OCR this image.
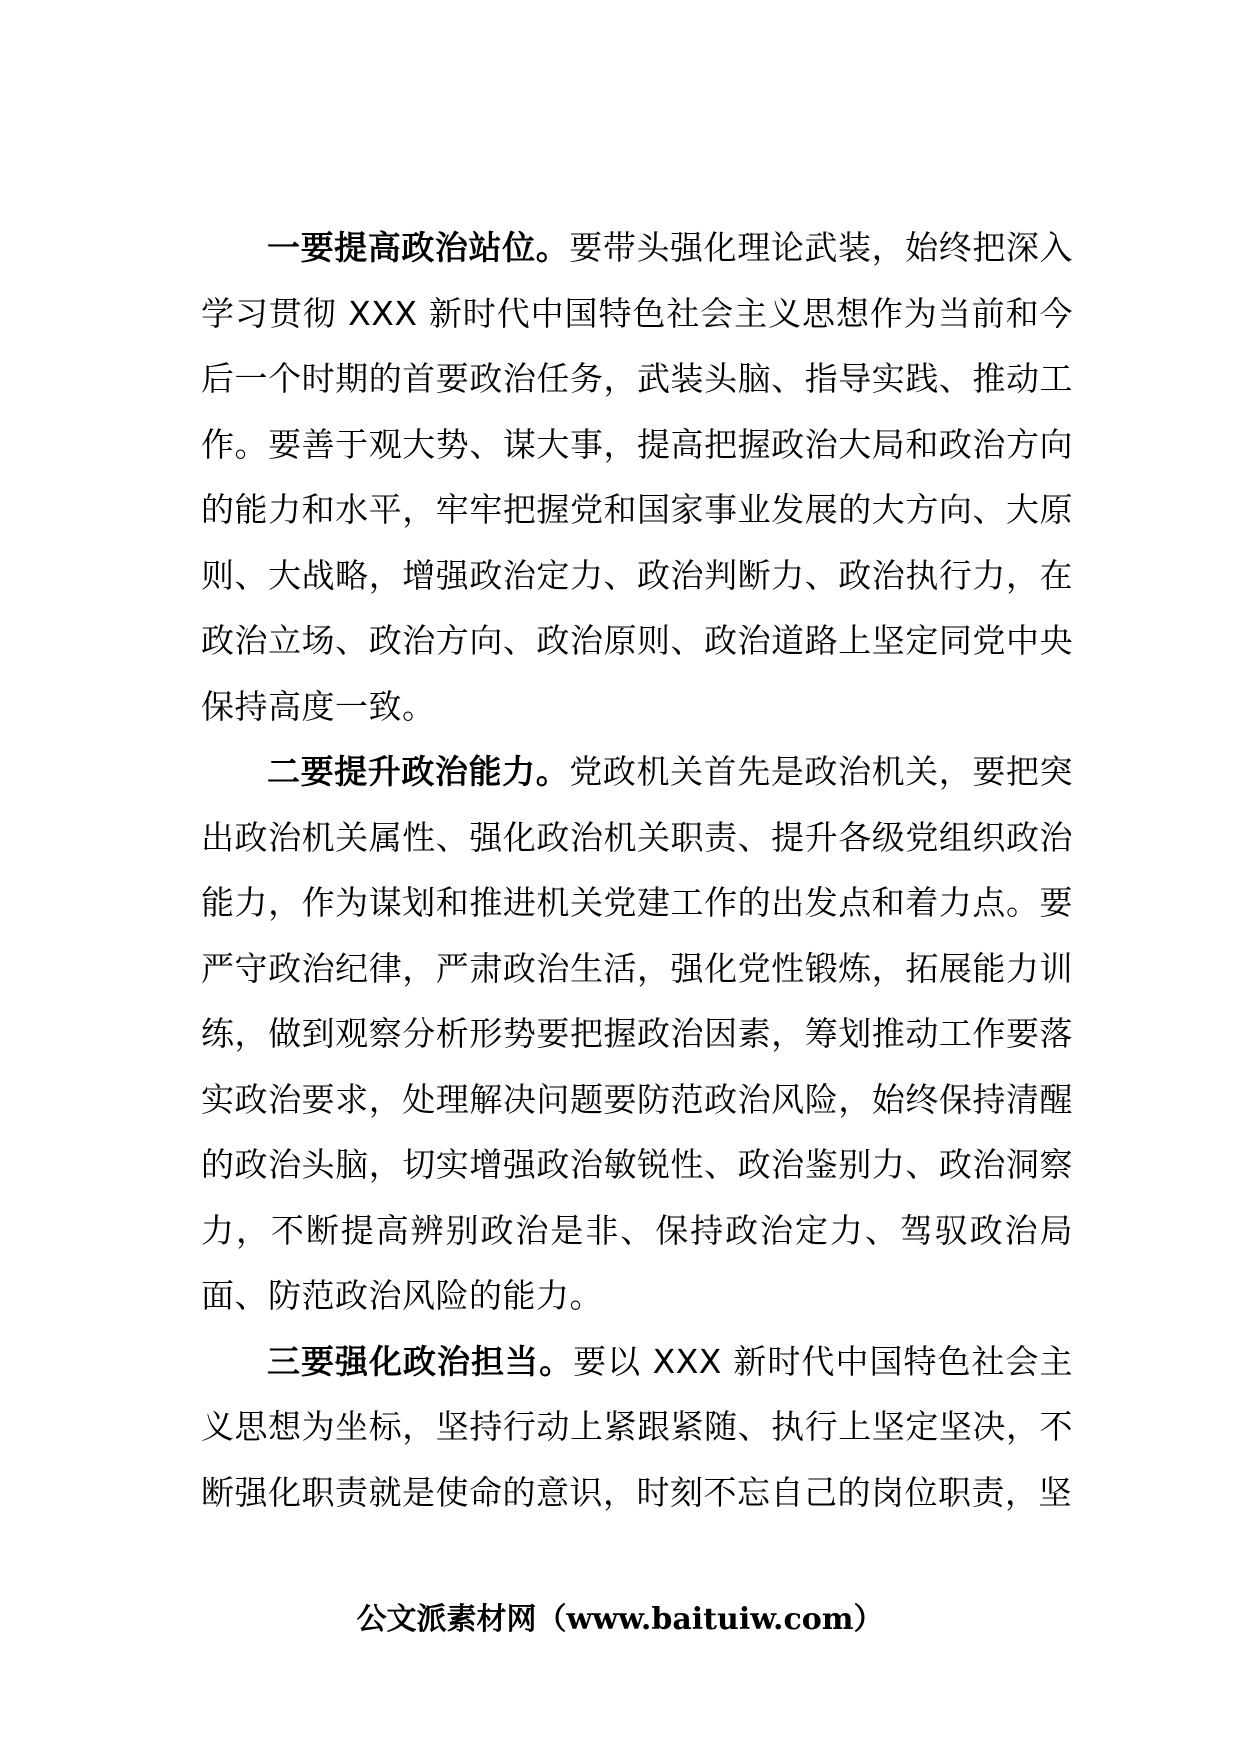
一要提高政治站位。要带头强化理论武装，始终把深入学习贯彻 XXX 新时代中国特色社会主义思想作为当前和今后一个时期的首要政治任务，武装头脑、指导实践、推动工作。要善于观大势、谋大事，提高把握政治大局和政治方向的能力和水平，牢牢把握党和国家事业发展的大方向、大原则、大战略，增强政治定力、政治判断力、政治执行力，在政治立场、政治方向、政治原则、政治道路上坚定同党中央保持高度一致。

二要提升政治能力。党政机关首先是政治机关，要把突出政治机关属性、强化政治机关职责、提升各级党组织政治能力，作为谋划和推进机关党建工作的出发点和着力点。要严守政治纪律，严肃政治生活，强化党性锻炼，拓展能力训练，做到观察分析形势要把握政治因素，筹划推动工作要落实政治要求，处理解决问题要防范政治风险，始终保持清醒的政治头脑，切实增强政治敏锐性、政治鉴别力、政治洞察力，不断提高辨别政治是非、保持政治定力、驾驭政治局面、防范政治风险的能力。

三要强化政治担当。要以 XXX 新时代中国特色社会主义思想为坐标，坚持行动上紧跟紧随、执行上坚定坚决，不断强化职责就是使命的意识，时刻不忘自己的岗位职责，坚

公文派素材网（www.baituiw.com）
